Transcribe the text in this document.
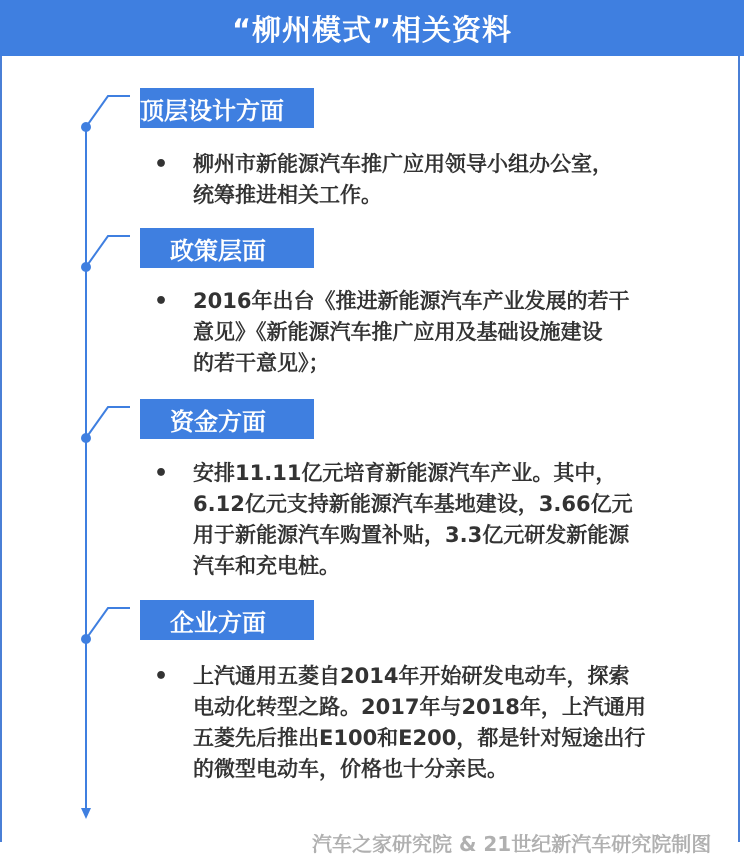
“柳州模式”相关资料
顶层设计方面
• 柳州市新能源汽车推广应用领导小组办公室，
统筹推进相关工作。
政策层面
• 2016年出台《推进新能源汽车产业发展的若干
意见》《新能源汽车推广应用及基础设施建设
的若干意见》；
资金方面
• 安排11.11亿元培育新能源汽车产业。其中，
6.12亿元支持新能源汽车基地建设，3.66亿元
用于新能源汽车购置补贴，3.3亿元研发新能源
汽车和充电桩。
企业方面
• 上汽通用五菱自2014年开始研发电动车，探索
电动化转型之路。2017年与2018年，上汽通用
五菱先后推出E100和E200，都是针对短途出行
的微型电动车，价格也十分亲民。
汽车之家研究院 & 21世纪新汽车研究院制图
